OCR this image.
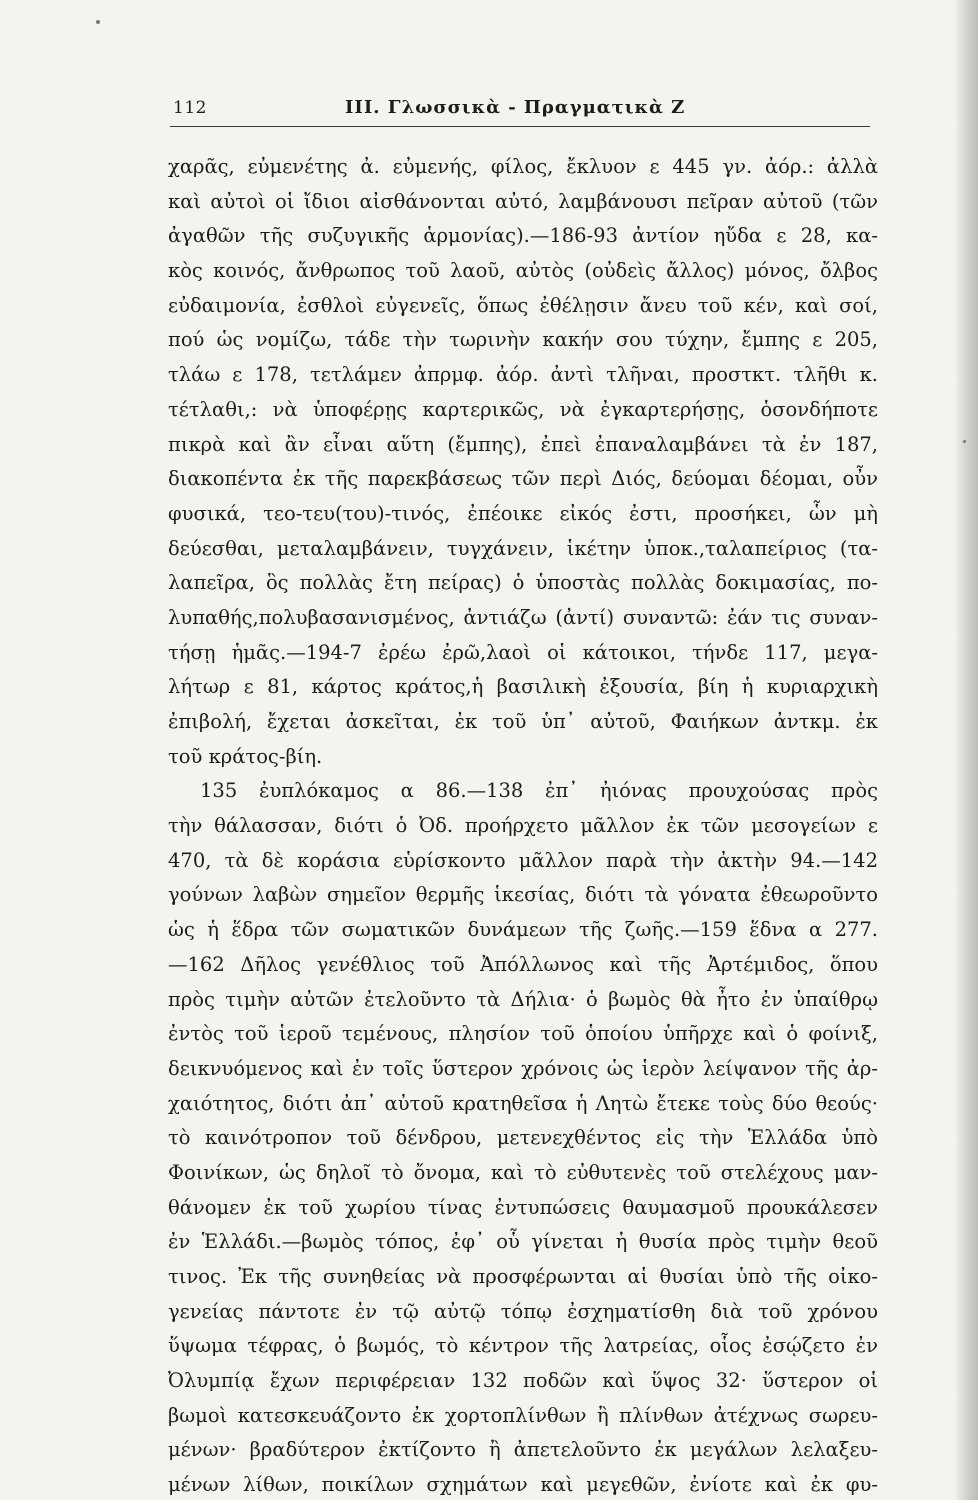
112	III. Γλωσσικὰ - Πραγματικὰ Ζ
χαρᾶς, εὐμενέτης ἀ. εὐμενής, φίλος, ἔκλυον ε 445 γν. ἀόρ.: ἀλλὰ
καὶ αὐτοὶ οἱ ἴδιοι αἰσθάνονται αὐτό, λαμβάνουσι πεῖραν αὐτοῦ (τῶν
ἀγαθῶν τῆς συζυγικῆς ἁρμονίας).—186-93 ἀντίον ηὔδα ε 28, κα-
κὸς κοινός, ἄνθρωπος τοῦ λαοῦ, αὐτὸς (οὐδεὶς ἄλλος) μόνος, ὄλβος
εὐδαιμονία, ἐσθλοὶ εὐγενεῖς, ὅπως ἐθέλῃσιν ἄνευ τοῦ κέν, καὶ σοί,
πού ὡς νομίζω, τάδε τὴν τωρινὴν κακήν σου τύχην, ἔμπης ε 205,
τλάω ε 178, τετλάμεν ἀπρμφ. ἀόρ. ἀντὶ τλῆναι, προστκτ. τλῆθι κ.
τέτλαθι,: νὰ ὑποφέρῃς καρτερικῶς, νὰ ἐγκαρτερήσῃς, ὁσονδήποτε
πικρὰ καὶ ἂν εἶναι αὕτη (ἔμπης), ἐπεὶ ἐπαναλαμβάνει τὰ ἐν 187,
διακοπέντα ἐκ τῆς παρεκβάσεως τῶν περὶ Διός, δεύομαι δέομαι, οὖν
φυσικά, τεο-τευ(του)-τινός, ἐπέοικε εἰκός ἐστι, προσήκει, ὧν μὴ
δεύεσθαι, μεταλαμβάνειν, τυγχάνειν, ἱκέτην ὑποκ.,ταλαπείριος (τα-
λαπεῖρα, ὃς πολλὰς ἔτη πείρας) ὁ ὑποστὰς πολλὰς δοκιμασίας, πο-
λυπαθής,πολυβασανισμένος, ἀντιάζω (ἀντί) συναντῶ: ἐάν τις συναν-
τήσῃ ἡμᾶς.—194-7 ἐρέω ἐρῶ,λαοὶ οἱ κάτοικοι, τήνδε 117, μεγα-
λήτωρ ε 81, κάρτος κράτος,ἡ βασιλικὴ ἐξουσία, βίη ἡ κυριαρχικὴ
ἐπιβολή, ἔχεται ἀσκεῖται, ἐκ τοῦ ὑπ᾽ αὐτοῦ, Φαιήκων ἀντκμ. ἐκ
τοῦ κράτος-βίη.
135 ἐυπλόκαμος α 86.—138 ἐπ᾽ ἠιόνας προυχούσας πρὸς
τὴν θάλασσαν, διότι ὁ Ὀδ. προήρχετο μᾶλλον ἐκ τῶν μεσογείων ε
470, τὰ δὲ κοράσια εὑρίσκοντο μᾶλλον παρὰ τὴν ἀκτὴν 94.—142
γούνων λαβὼν σημεῖον θερμῆς ἱκεσίας, διότι τὰ γόνατα ἐθεωροῦντο
ὡς ἡ ἕδρα τῶν σωματικῶν δυνάμεων τῆς ζωῆς.—159 ἕδνα α 277.
—162 Δῆλος γενέθλιος τοῦ Ἀπόλλωνος καὶ τῆς Ἀρτέμιδος, ὅπου
πρὸς τιμὴν αὐτῶν ἐτελοῦντο τὰ Δήλια· ὁ βωμὸς θὰ ἦτο ἐν ὑπαίθρῳ
ἐντὸς τοῦ ἱεροῦ τεμένους, πλησίον τοῦ ὁποίου ὑπῆρχε καὶ ὁ φοίνιξ,
δεικνυόμενος καὶ ἐν τοῖς ὕστερον χρόνοις ὡς ἱερὸν λείψανον τῆς ἀρ-
χαιότητος, διότι ἀπ᾽ αὐτοῦ κρατηθεῖσα ἡ Λητὼ ἔτεκε τοὺς δύο θεούς·
τὸ καινότροπον τοῦ δένδρου, μετενεχθέντος εἰς τὴν Ἑλλάδα ὑπὸ
Φοινίκων, ὡς δηλοῖ τὸ ὄνομα, καὶ τὸ εὐθυτενὲς τοῦ στελέχους μαν-
θάνομεν ἐκ τοῦ χωρίου τίνας ἐντυπώσεις θαυμασμοῦ προυκάλεσεν
ἐν Ἑλλάδι.—βωμὸς τόπος, ἐφ᾽ οὗ γίνεται ἡ θυσία πρὸς τιμὴν θεοῦ
τινος. Ἐκ τῆς συνηθείας νὰ προσφέρωνται αἱ θυσίαι ὑπὸ τῆς οἰκο-
γενείας πάντοτε ἐν τῷ αὐτῷ τόπῳ ἐσχηματίσθη διὰ τοῦ χρόνου
ὕψωμα τέφρας, ὁ βωμός, τὸ κέντρον τῆς λατρείας, οἷος ἐσῴζετο ἐν
Ὀλυμπίᾳ ἔχων περιφέρειαν 132 ποδῶν καὶ ὕψος 32· ὕστερον οἱ
βωμοὶ κατεσκευάζοντο ἐκ χορτοπλίνθων ἢ πλίνθων ἀτέχνως σωρευ-
μένων· βραδύτερον ἐκτίζοντο ἢ ἀπετελοῦντο ἐκ μεγάλων λελαξευ-
μένων λίθων, ποικίλων σχημάτων καὶ μεγεθῶν, ἐνίοτε καὶ ἐκ φυ-
